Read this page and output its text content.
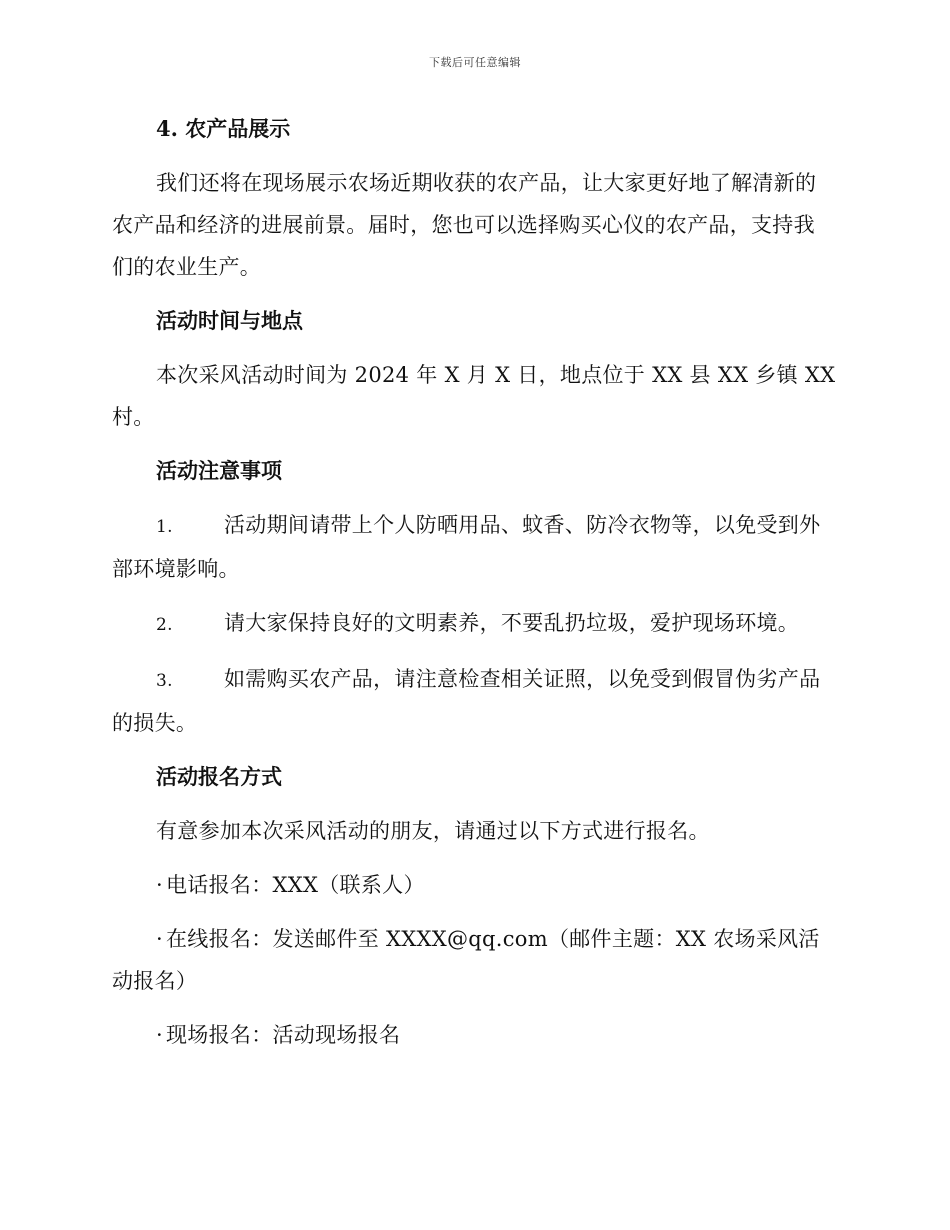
下载后可任意编辑
4. 农产品展示
我们还将在现场展示农场近期收获的农产品，让大家更好地了解清新的农产品和经济的进展前景。届时，您也可以选择购买心仪的农产品，支持我们的农业生产。
活动时间与地点
本次采风活动时间为 2024 年 X 月 X 日，地点位于 XX 县 XX 乡镇 XX 村。
活动注意事项
1. 活动期间请带上个人防晒用品、蚊香、防冷衣物等，以免受到外部环境影响。
2. 请大家保持良好的文明素养，不要乱扔垃圾，爱护现场环境。
3. 如需购买农产品，请注意检查相关证照，以免受到假冒伪劣产品的损失。
活动报名方式
有意参加本次采风活动的朋友，请通过以下方式进行报名。
· 电话报名：XXX（联系人）
· 在线报名：发送邮件至 XXXX@qq.com（邮件主题：XX 农场采风活动报名）
· 现场报名：活动现场报名
